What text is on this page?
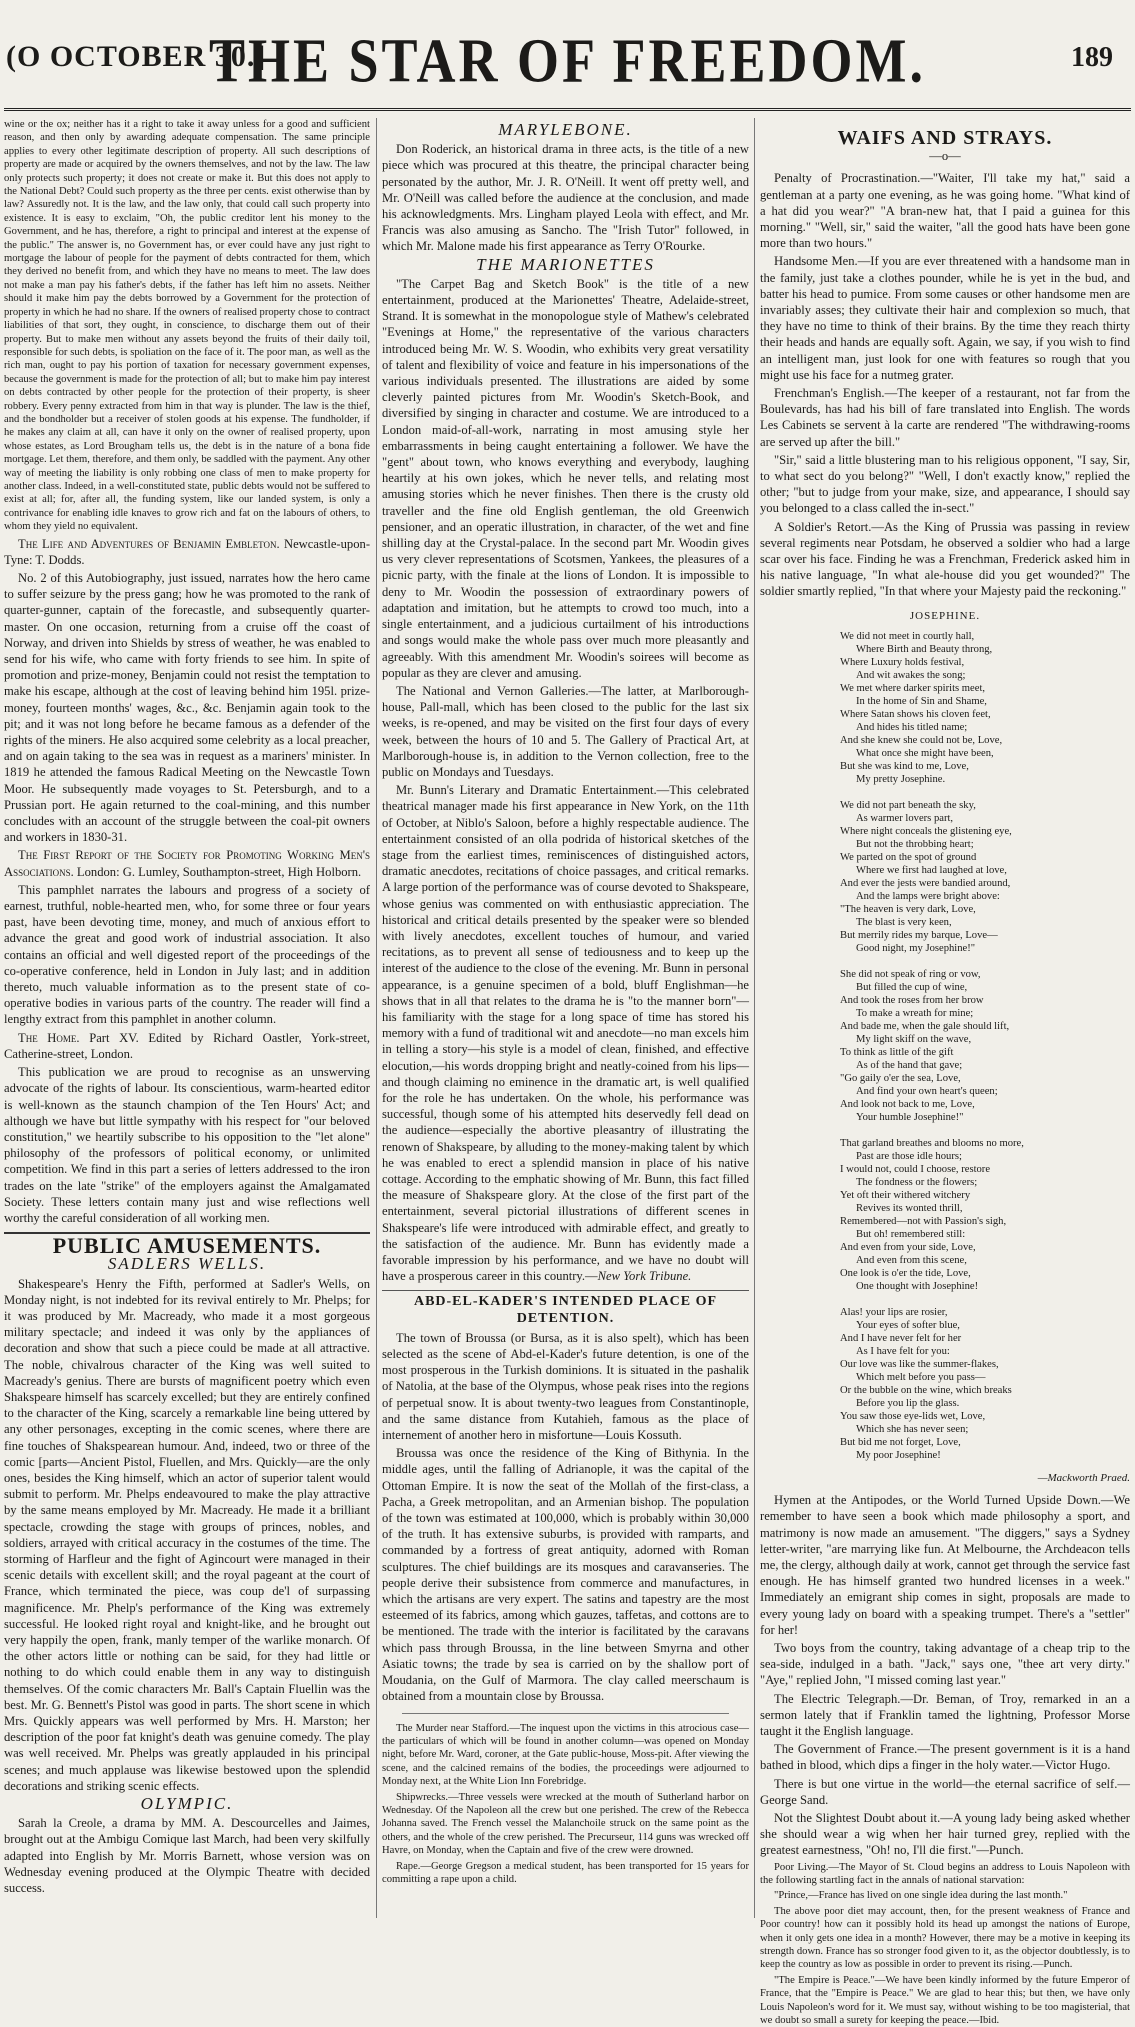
(O OCTOBER 30.]
THE STAR OF FREEDOM.	189

wine or the ox; neither has it a right to take it away unless for a good and sufficient reason, and then only by awarding adequate compensation. The same principle applies to every other legitimate description of property. All such descriptions of property are made or acquired by the owners themselves, and not by the law. The law only protects such property; it does not create or make it. But this does not apply to the National Debt? Could such property as the three per cents. exist otherwise than by law? Assuredly not. It is the law, and the law only, that could call such property into existence. It is easy to exclaim, "Oh, the public creditor lent his money to the Government, and he has, therefore, a right to principal and interest at the expense of the public." The answer is, no Government has, or ever could have any just right to mortgage the labour of people for the payment of debts contracted for them, which they derived no benefit from, and which they have no means to meet. The law does not make a man pay his father's debts, if the father has left him no assets. Neither should it make him pay the debts borrowed by a Government for the protection of property in which he had no share. If the owners of realised property chose to contract liabilities of that sort, they ought, in conscience, to discharge them out of their property. But to make men without any assets beyond the fruits of their daily toil, responsible for such debts, is spoliation on the face of it. The poor man, as well as the rich man, ought to pay his portion of taxation for necessary government expenses, because the government is made for the protection of all; but to make him pay interest on debts contracted by other people for the protection of their property, is sheer robbery. Every penny extracted from him in that way is plunder. The law is the thief, and the bondholder but a receiver of stolen goods at his expense. The fundholder, if he makes any claim at all, can have it only on the owner of realised property, upon whose estates, as Lord Brougham tells us, the debt is in the nature of a bona fide mortgage. Let them, therefore, and them only, be saddled with the payment. Any other way of meeting the liability is only robbing one class of men to make property for another class. Indeed, in a well-constituted state, public debts would not be suffered to exist at all; for, after all, the funding system, like our landed system, is only a contrivance for enabling idle knaves to grow rich and fat on the labours of others, to whom they yield no equivalent.

The Life and Adventures of Benjamin Embleton. Newcastle-upon-Tyne: T. Dodds.

No. 2 of this Autobiography, just issued, narrates how the hero came to suffer seizure by the press gang; how he was promoted to the rank of quarter-gunner, captain of the forecastle, and subsequently quarter-master. On one occasion, returning from a cruise off the coast of Norway, and driven into Shields by stress of weather, he was enabled to send for his wife, who came with forty friends to see him. In spite of promotion and prize-money, Benjamin could not resist the temptation to make his escape, although at the cost of leaving behind him 195l. prize-money, fourteen months' wages, &c., &c. Benjamin again took to the pit; and it was not long before he became famous as a defender of the rights of the miners. He also acquired some celebrity as a local preacher, and on again taking to the sea was in request as a mariners' minister. In 1819 he attended the famous Radical Meeting on the Newcastle Town Moor. He subsequently made voyages to St. Petersburgh, and to a Prussian port. He again returned to the coal-mining, and this number concludes with an account of the struggle between the coal-pit owners and workers in 1830-31.

The First Report of the Society for Promoting Working Men's Associations. London: G. Lumley, Southampton-street, High Holborn.

This pamphlet narrates the labours and progress of a society of earnest, truthful, noble-hearted men, who, for some three or four years past, have been devoting time, money, and much of anxious effort to advance the great and good work of industrial association. It also contains an official and well digested report of the proceedings of the co-operative conference, held in London in July last; and in addition thereto, much valuable information as to the present state of co-operative bodies in various parts of the country. The reader will find a lengthy extract from this pamphlet in another column.

The Home. Part XV. Edited by Richard Oastler, York-street, Catherine-street, London.

This publication we are proud to recognise as an unswerving advocate of the rights of labour. Its conscientious, warm-hearted editor is well-known as the staunch champion of the Ten Hours' Act; and although we have but little sympathy with his respect for "our beloved constitution," we heartily subscribe to his opposition to the "let alone" philosophy of the professors of political economy, or unlimited competition. We find in this part a series of letters addressed to the iron trades on the late "strike" of the employers against the Amalgamated Society. These letters contain many just and wise reflections well worthy the careful consideration of all working men.

PUBLIC AMUSEMENTS.
SADLERS WELLS.

Shakespeare's Henry the Fifth, performed at Sadler's Wells, on Monday night, is not indebted for its revival entirely to Mr. Phelps; for it was produced by Mr. Macready, who made it a most gorgeous military spectacle; and indeed it was only by the appliances of decoration and show that such a piece could be made at all attractive. The noble, chivalrous character of the King was well suited to Macready's genius. There are bursts of magnificent poetry which even Shakspeare himself has scarcely excelled; but they are entirely confined to the character of the King, scarcely a remarkable line being uttered by any other personages, excepting in the comic scenes, where there are fine touches of Shakspearean humour. And, indeed, two or three of the comic [parts—Ancient Pistol, Fluellen, and Mrs. Quickly—are the only ones, besides the King himself, which an actor of superior talent would submit to perform. Mr. Phelps endeavoured to make the play attractive by the same means employed by Mr. Macready. He made it a brilliant spectacle, crowding the stage with groups of princes, nobles, and soldiers, arrayed with critical accuracy in the costumes of the time. The storming of Harfleur and the fight of Agincourt were managed in their scenic details with excellent skill; and the royal pageant at the court of France, which terminated the piece, was coup de'l of surpassing magnificence. Mr. Phelp's performance of the King was extremely successful. He looked right royal and knight-like, and he brought out very happily the open, frank, manly temper of the warlike monarch. Of the other actors little or nothing can be said, for they had little or nothing to do which could enable them in any way to distinguish themselves. Of the comic characters Mr. Ball's Captain Fluellin was the best. Mr. G. Bennett's Pistol was good in parts. The short scene in which Mrs. Quickly appears was well performed by Mrs. H. Marston; her description of the poor fat knight's death was genuine comedy. The play was well received. Mr. Phelps was greatly applauded in his principal scenes; and much applause was likewise bestowed upon the splendid decorations and striking scenic effects.

OLYMPIC.

Sarah la Creole, a drama by MM. A. Descourcelles and Jaimes, brought out at the Ambigu Comique last March, had been very skilfully adapted into English by Mr. Morris Barnett, whose version was on Wednesday evening produced at the Olympic Theatre with decided success.

MARYLEBONE.

Don Roderick, an historical drama in three acts, is the title of a new piece which was procured at this theatre, the principal character being personated by the author, Mr. J. R. O'Neill. It went off pretty well, and Mr. O'Neill was called before the audience at the conclusion, and made his acknowledgments. Mrs. Lingham played Leola with effect, and Mr. Francis was also amusing as Sancho. The "Irish Tutor" followed, in which Mr. Malone made his first appearance as Terry O'Rourke.

THE MARIONETTES

"The Carpet Bag and Sketch Book" is the title of a new entertainment, produced at the Marionettes' Theatre, Adelaide-street, Strand. It is somewhat in the monopologue style of Mathew's celebrated "Evenings at Home," the representative of the various characters introduced being Mr. W. S. Woodin, who exhibits very great versatility of talent and flexibility of voice and feature in his impersonations of the various individuals presented. The illustrations are aided by some cleverly painted pictures from Mr. Woodin's Sketch-Book, and diversified by singing in character and costume. We are introduced to a London maid-of-all-work, narrating in most amusing style her embarrassments in being caught entertaining a follower. We have the "gent" about town, who knows everything and everybody, laughing heartily at his own jokes, which he never tells, and relating most amusing stories which he never finishes. Then there is the crusty old traveller and the fine old English gentleman, the old Greenwich pensioner, and an operatic illustration, in character, of the wet and fine shilling day at the Crystal-palace. In the second part Mr. Woodin gives us very clever representations of Scotsmen, Yankees, the pleasures of a picnic party, with the finale at the lions of London. It is impossible to deny to Mr. Woodin the possession of extraordinary powers of adaptation and imitation, but he attempts to crowd too much, into a single entertainment, and a judicious curtailment of his introductions and songs would make the whole pass over much more pleasantly and agreeably. With this amendment Mr. Woodin's soirees will become as popular as they are clever and amusing.

The National and Vernon Galleries.—The latter, at Marlborough-house, Pall-mall, which has been closed to the public for the last six weeks, is re-opened, and may be visited on the first four days of every week, between the hours of 10 and 5. The Gallery of Practical Art, at Marlborough-house is, in addition to the Vernon collection, free to the public on Mondays and Tuesdays.

Mr. Bunn's Literary and Dramatic Entertainment.—This celebrated theatrical manager made his first appearance in New York, on the 11th of October, at Niblo's Saloon, before a highly respectable audience. The entertainment consisted of an olla podrida of historical sketches of the stage from the earliest times, reminiscences of distinguished actors, dramatic anecdotes, recitations of choice passages, and critical remarks. A large portion of the performance was of course devoted to Shakspeare, whose genius was commented on with enthusiastic appreciation. The historical and critical details presented by the speaker were so blended with lively anecdotes, excellent touches of humour, and varied recitations, as to prevent all sense of tediousness and to keep up the interest of the audience to the close of the evening. Mr. Bunn in personal appearance, is a genuine specimen of a bold, bluff Englishman—he shows that in all that relates to the drama he is "to the manner born"—his familiarity with the stage for a long space of time has stored his memory with a fund of traditional wit and anecdote—no man excels him in telling a story—his style is a model of clean, finished, and effective elocution,—his words dropping bright and neatly-coined from his lips—and though claiming no eminence in the dramatic art, is well qualified for the role he has undertaken. On the whole, his performance was successful, though some of his attempted hits deservedly fell dead on the audience—especially the abortive pleasantry of illustrating the renown of Shakspeare, by alluding to the money-making talent by which he was enabled to erect a splendid mansion in place of his native cottage. According to the emphatic showing of Mr. Bunn, this fact filled the measure of Shakspeare glory. At the close of the first part of the entertainment, several pictorial illustrations of different scenes in Shakspeare's life were introduced with admirable effect, and greatly to the satisfaction of the audience. Mr. Bunn has evidently made a favorable impression by his performance, and we have no doubt will have a prosperous career in this country.—New York Tribune.

ABD-EL-KADER'S INTENDED PLACE OF DETENTION.

The town of Broussa (or Bursa, as it is also spelt), which has been selected as the scene of Abd-el-Kader's future detention, is one of the most prosperous in the Turkish dominions. It is situated in the pashalik of Natolia, at the base of the Olympus, whose peak rises into the regions of perpetual snow. It is about twenty-two leagues from Constantinople, and the same distance from Kutahieh, famous as the place of internement of another hero in misfortune—Louis Kossuth.

Broussa was once the residence of the King of Bithynia. In the middle ages, until the falling of Adrianople, it was the capital of the Ottoman Empire. It is now the seat of the Mollah of the first-class, a Pacha, a Greek metropolitan, and an Armenian bishop. The population of the town was estimated at 100,000, which is probably within 30,000 of the truth. It has extensive suburbs, is provided with ramparts, and commanded by a fortress of great antiquity, adorned with Roman sculptures. The chief buildings are its mosques and caravanseries. The people derive their subsistence from commerce and manufactures, in which the artisans are very expert. The satins and tapestry are the most esteemed of its fabrics, among which gauzes, taffetas, and cottons are to be mentioned. The trade with the interior is facilitated by the caravans which pass through Broussa, in the line between Smyrna and other Asiatic towns; the trade by sea is carried on by the shallow port of Moudania, on the Gulf of Marmora. The clay called meerschaum is obtained from a mountain close by Broussa.

The Murder near Stafford.—The inquest upon the victims in this atrocious case—the particulars of which will be found in another column—was opened on Monday night, before Mr. Ward, coroner, at the Gate public-house, Moss-pit. After viewing the scene, and the calcined remains of the bodies, the proceedings were adjourned to Monday next, at the White Lion Inn Forebridge.

Shipwrecks.—Three vessels were wrecked at the mouth of Sutherland harbor on Wednesday. Of the Napoleon all the crew but one perished. The crew of the Rebecca Johanna saved. The French vessel the Malanchoile struck on the same point as the others, and the whole of the crew perished. The Precurseur, 114 guns was wrecked off Havre, on Monday, when the Captain and five of the crew were drowned.

Rape.—George Gregson a medical student, has been transported for 15 years for committing a rape upon a child.

WAIFS AND STRAYS.
—o—

Penalty of Procrastination.—"Waiter, I'll take my hat," said a gentleman at a party one evening, as he was going home. "What kind of a hat did you wear?" "A bran-new hat, that I paid a guinea for this morning." "Well, sir," said the waiter, "all the good hats have been gone more than two hours."

Handsome Men.—If you are ever threatened with a handsome man in the family, just take a clothes pounder, while he is yet in the bud, and batter his head to pumice. From some causes or other handsome men are invariably asses; they cultivate their hair and complexion so much, that they have no time to think of their brains. By the time they reach thirty their heads and hands are equally soft. Again, we say, if you wish to find an intelligent man, just look for one with features so rough that you might use his face for a nutmeg grater.

Frenchman's English.—The keeper of a restaurant, not far from the Boulevards, has had his bill of fare translated into English. The words Les Cabinets se servent à la carte are rendered "The withdrawing-rooms are served up after the bill."

"Sir," said a little blustering man to his religious opponent, "I say, Sir, to what sect do you belong?" "Well, I don't exactly know," replied the other; "but to judge from your make, size, and appearance, I should say you belonged to a class called the in-sect."

A Soldier's Retort.—As the King of Prussia was passing in review several regiments near Potsdam, he observed a soldier who had a large scar over his face. Finding he was a Frenchman, Frederick asked him in his native language, "In what ale-house did you get wounded?" The soldier smartly replied, "In that where your Majesty paid the reckoning."

JOSEPHINE.
We did not meet in courtly hall,
Where Birth and Beauty throng,
Where Luxury holds festival,
And wit awakes the song;
We met where darker spirits meet,
In the home of Sin and Shame,
Where Satan shows his cloven feet,
And hides his titled name;
And she knew she could not be, Love,
What once she might have been,
But she was kind to me, Love,
My pretty Josephine.

We did not part beneath the sky,
As warmer lovers part,
Where night conceals the glistening eye,
But not the throbbing heart;
We parted on the spot of ground
Where we first had laughed at love,
And ever the jests were bandied around,
And the lamps were bright above:
"The heaven is very dark, Love,
The blast is very keen,
But merrily rides my barque, Love—
Good night, my Josephine!"

She did not speak of ring or vow,
But filled the cup of wine,
And took the roses from her brow
To make a wreath for mine;
And bade me, when the gale should lift,
My light skiff on the wave,
To think as little of the gift
As of the hand that gave;
"Go gaily o'er the sea, Love,
And find your own heart's queen;
And look not back to me, Love,
Your humble Josephine!"

That garland breathes and blooms no more,
Past are those idle hours;
I would not, could I choose, restore
The fondness or the flowers;
Yet oft their withered witchery
Revives its wonted thrill,
Remembered—not with Passion's sigh,
But oh! remembered still:
And even from your side, Love,
And even from this scene,
One look is o'er the tide, Love,
One thought with Josephine!

Alas! your lips are rosier,
Your eyes of softer blue,
And I have never felt for her
As I have felt for you:
Our love was like the summer-flakes,
Which melt before you pass—
Or the bubble on the wine, which breaks
Before you lip the glass.
You saw those eye-lids wet, Love,
Which she has never seen;
But bid me not forget, Love,
My poor Josephine!
—Mackworth Praed.

Hymen at the Antipodes, or the World Turned Upside Down.—We remember to have seen a book which made philosophy a sport, and matrimony is now made an amusement. "The diggers," says a Sydney letter-writer, "are marrying like fun. At Melbourne, the Archdeacon tells me, the clergy, although daily at work, cannot get through the service fast enough. He has himself granted two hundred licenses in a week." Immediately an emigrant ship comes in sight, proposals are made to every young lady on board with a speaking trumpet. There's a "settler" for her!

Two boys from the country, taking advantage of a cheap trip to the sea-side, indulged in a bath. "Jack," says one, "thee art very dirty." "Aye," replied John, "I missed coming last year."

The Electric Telegraph.—Dr. Beman, of Troy, remarked in an a sermon lately that if Franklin tamed the lightning, Professor Morse taught it the English language.

The Government of France.—The present government is it is a hand bathed in blood, which dips a finger in the holy water.—Victor Hugo.

There is but one virtue in the world—the eternal sacrifice of self.—George Sand.

Not the Slightest Doubt about it.—A young lady being asked whether she should wear a wig when her hair turned grey, replied with the greatest earnestness, "Oh! no, I'll die first."—Punch.

Poor Living.—The Mayor of St. Cloud begins an address to Louis Napoleon with the following startling fact in the annals of national starvation:

"Prince,—France has lived on one single idea during the last month."

The above poor diet may account, then, for the present weakness of France and Poor country! how can it possibly hold its head up amongst the nations of Europe, when it only gets one idea in a month? However, there may be a motive in keeping its strength down. France has so stronger food given to it, as the objector doubtlessly, is to keep the country as low as possible in order to prevent its rising.—Punch.

"The Empire is Peace."—We have been kindly informed by the future Emperor of France, that the "Empire is Peace." We are glad to hear this; but then, we have only Louis Napoleon's word for it. We must say, without wishing to be too magisterial, that we doubt so small a surety for keeping the peace.—Ibid.
